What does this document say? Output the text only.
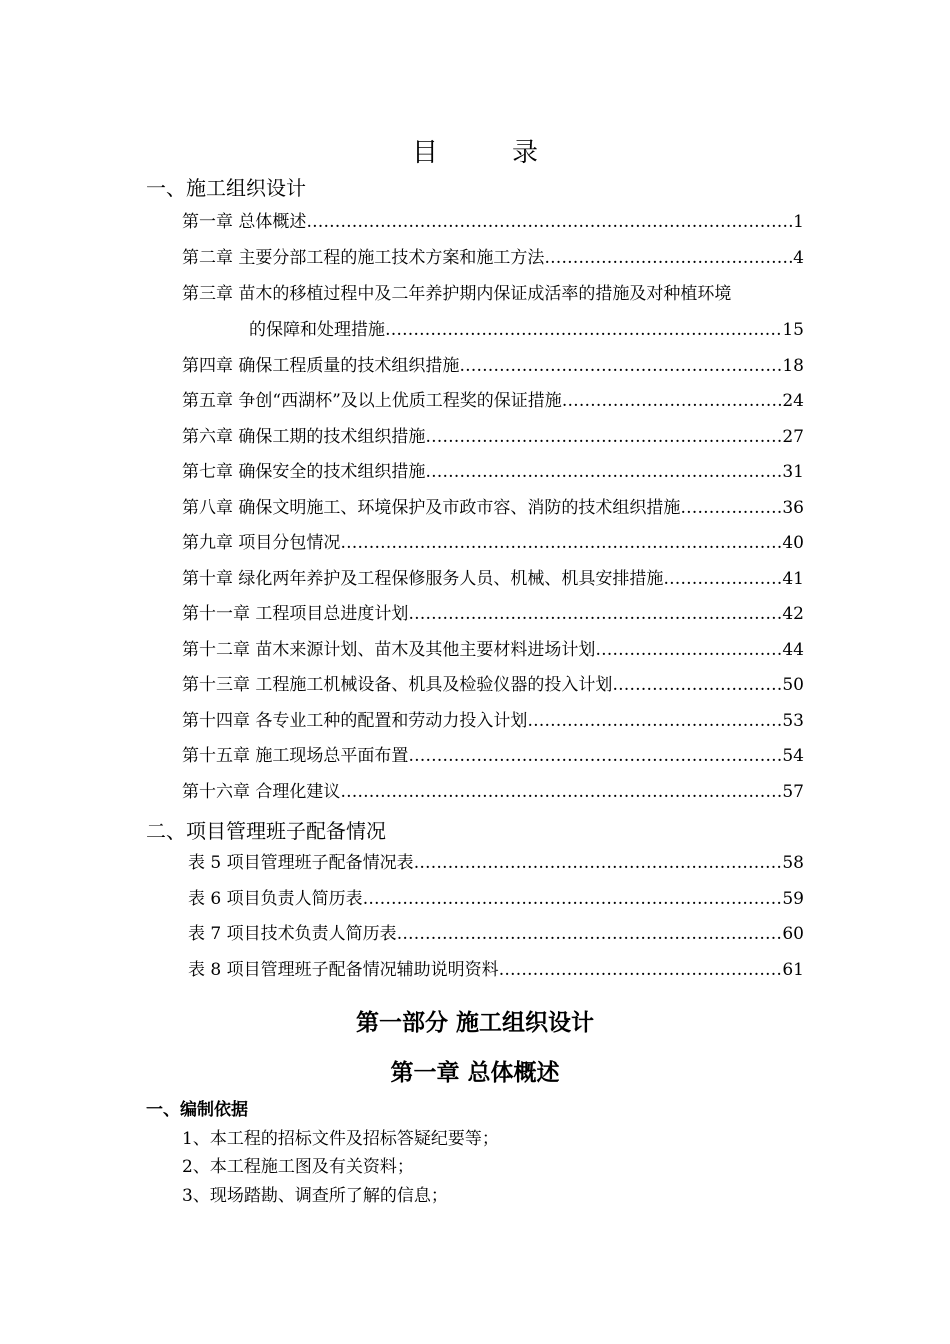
目　录
一、施工组织设计
第一章 总体概述 ……………………………………………………………………………………………………………………………………………………………………………………	1
第二章 主要分部工程的施工技术方案和施工方法 ……………………………………………………………………………………………………………………………………………………………………………………	4
第三章 苗木的移植过程中及二年养护期内保证成活率的措施及对种植环境
的保障和处理措施 ……………………………………………………………………………………………………………………………………………………………………………………	15
第四章 确保工程质量的技术组织措施 ……………………………………………………………………………………………………………………………………………………………………………………	18
第五章 争创“西湖杯”及以上优质工程奖的保证措施 ……………………………………………………………………………………………………………………………………………………………………………………	24
第六章 确保工期的技术组织措施 ……………………………………………………………………………………………………………………………………………………………………………………	27
第七章 确保安全的技术组织措施 ……………………………………………………………………………………………………………………………………………………………………………………	31
第八章 确保文明施工、环境保护及市政市容、消防的技术组织措施 ……………………………………………………………………………………………………………………………………………………………………………………	36
第九章 项目分包情况 ……………………………………………………………………………………………………………………………………………………………………………………	40
第十章 绿化两年养护及工程保修服务人员、机械、机具安排措施 ……………………………………………………………………………………………………………………………………………………………………………………	41
第十一章 工程项目总进度计划 ……………………………………………………………………………………………………………………………………………………………………………………	42
第十二章 苗木来源计划、苗木及其他主要材料进场计划 ……………………………………………………………………………………………………………………………………………………………………………………	44
第十三章 工程施工机械设备、机具及检验仪器的投入计划 ……………………………………………………………………………………………………………………………………………………………………………………	50
第十四章 各专业工种的配置和劳动力投入计划 ……………………………………………………………………………………………………………………………………………………………………………………	53
第十五章 施工现场总平面布置 ……………………………………………………………………………………………………………………………………………………………………………………	54
第十六章 合理化建议 ……………………………………………………………………………………………………………………………………………………………………………………	57
二、项目管理班子配备情况
表 5 项目管理班子配备情况表 ……………………………………………………………………………………………………………………………………………………………………………………	58
表 6 项目负责人简历表 ……………………………………………………………………………………………………………………………………………………………………………………	59
表 7 项目技术负责人简历表 ……………………………………………………………………………………………………………………………………………………………………………………	60
表 8 项目管理班子配备情况辅助说明资料 ……………………………………………………………………………………………………………………………………………………………………………………	61
第一部分 施工组织设计
第一章 总体概述
一、编制依据
1、本工程的招标文件及招标答疑纪要等；
2、本工程施工图及有关资料；
3、现场踏勘、调查所了解的信息；
